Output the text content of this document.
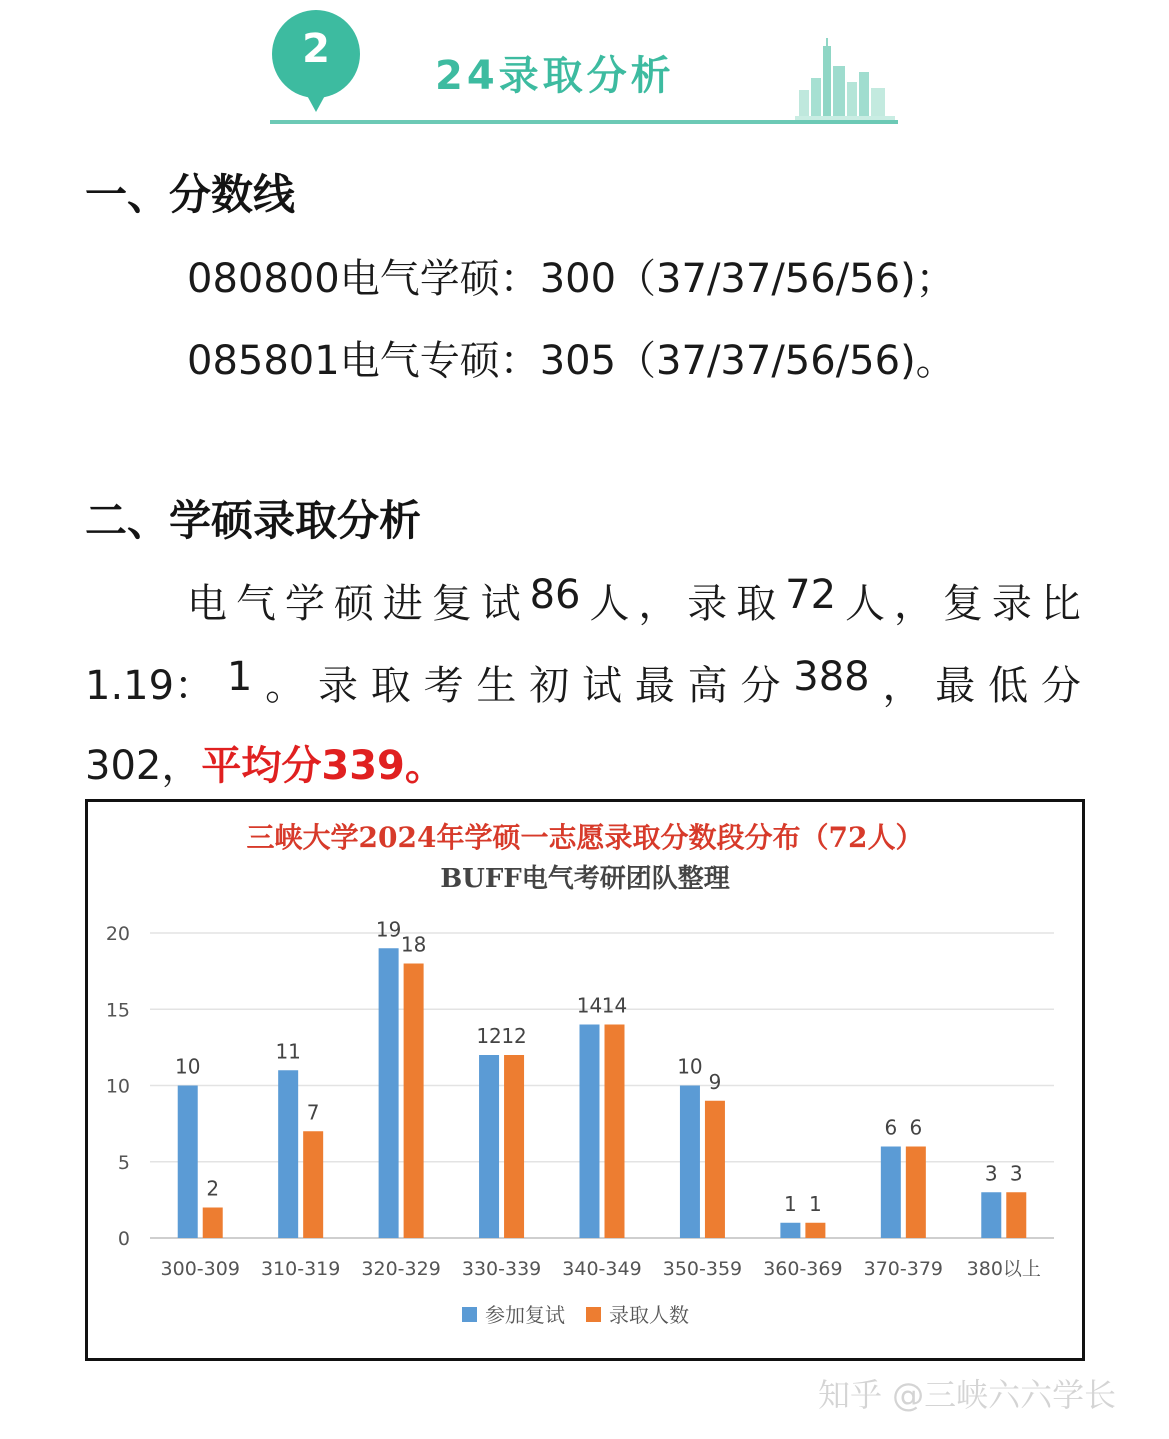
2
24录取分析
一、分数线
080800电气学硕：300（37/37/56/56)；
085801电气专硕：305（37/37/56/56)。
二、学硕录取分析
电 气 学 硕 进 复 试 86 人 ， 录 取 72 人 ， 复 录 比
1.19： 1 。 录 取 考 生 初 试 最 高 分 388 ， 最 低 分
302，平均分339。
三峡大学2024年学硕一志愿录取分数段分布（72人）
BUFF电气考研团队整理
0
5
10
15
20
10
2
300-309
11
7
310-319
19
18
320-329
12 12
330-339
14 14
340-349
10
9
350-359
1 1
360-369
6 6
370-379
3 3
380以上
参加复试 录取人数
知乎 @三峡六六学长
